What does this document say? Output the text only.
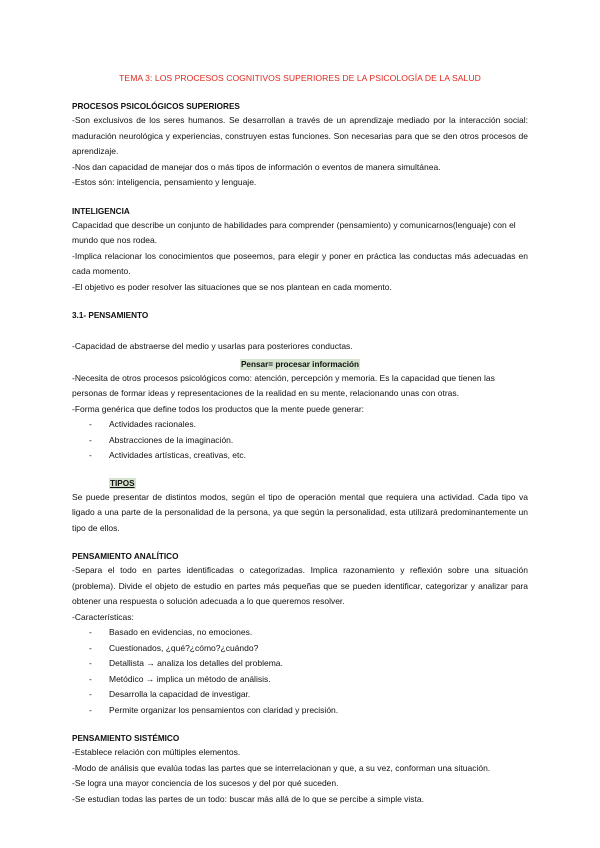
TEMA 3: LOS PROCESOS COGNITIVOS SUPERIORES DE LA PSICOLOGÍA DE LA SALUD

PROCESOS PSICOLÓGICOS SUPERIORES

-Son exclusivos de los seres humanos. Se desarrollan a través de un aprendizaje mediado por la interacción social: maduración neurológica y experiencias, construyen estas funciones. Son necesarias para que se den otros procesos de aprendizaje.

-Nos dan capacidad de manejar dos o más tipos de información o eventos de manera simultánea.

-Estos són: inteligencia, pensamiento y lenguaje.

INTELIGENCIA

Capacidad que describe un conjunto de habilidades para comprender (pensamiento) y comunicarnos(lenguaje) con el mundo que nos rodea.

-Implica relacionar los conocimientos que poseemos, para elegir y poner en práctica las conductas más adecuadas en cada momento.

-El objetivo es poder resolver las situaciones que se nos plantean en cada momento.

3.1- PENSAMIENTO

-Capacidad de abstraerse del medio y usarlas para posteriores conductas.

Pensar= procesar información

-Necesita de otros procesos psicológicos como: atención, percepción y memoria. Es la capacidad que tienen las personas de formar ideas y representaciones de la realidad en su mente, relacionando unas con otras.

-Forma genérica que define todos los productos que la mente puede generar:

- Actividades racionales.
- Abstracciones de la imaginación.
- Actividades artísticas, creativas, etc.
TIPOS

Se puede presentar de distintos modos, según el tipo de operación mental que requiera una actividad. Cada tipo va ligado a una parte de la personalidad de la persona, ya que según la personalidad, esta utilizará predominantemente un tipo de ellos.

PENSAMIENTO ANALÍTICO

-Separa el todo en partes identificadas o categorizadas. Implica razonamiento y reflexión sobre una situación (problema). Divide el objeto de estudio en partes más pequeñas que se pueden identificar, categorizar y analizar para obtener una respuesta o solución adecuada a lo que queremos resolver.

-Características:

- Basado en evidencias, no emociones.
- Cuestionados, ¿qué?¿cómo?¿cuándo?
- Detallista → analiza los detalles del problema.
- Metódico → implica un método de análisis.
- Desarrolla la capacidad de investigar.
- Permite organizar los pensamientos con claridad y precisión.

PENSAMIENTO SISTÉMICO

-Establece relación con múltiples elementos.

-Modo de análisis que evalúa todas las partes que se interrelacionan y que, a su vez, conforman una situación.

-Se logra una mayor conciencia de los sucesos y del por qué suceden.

-Se estudian todas las partes de un todo: buscar más allá de lo que se percibe a simple vista.
